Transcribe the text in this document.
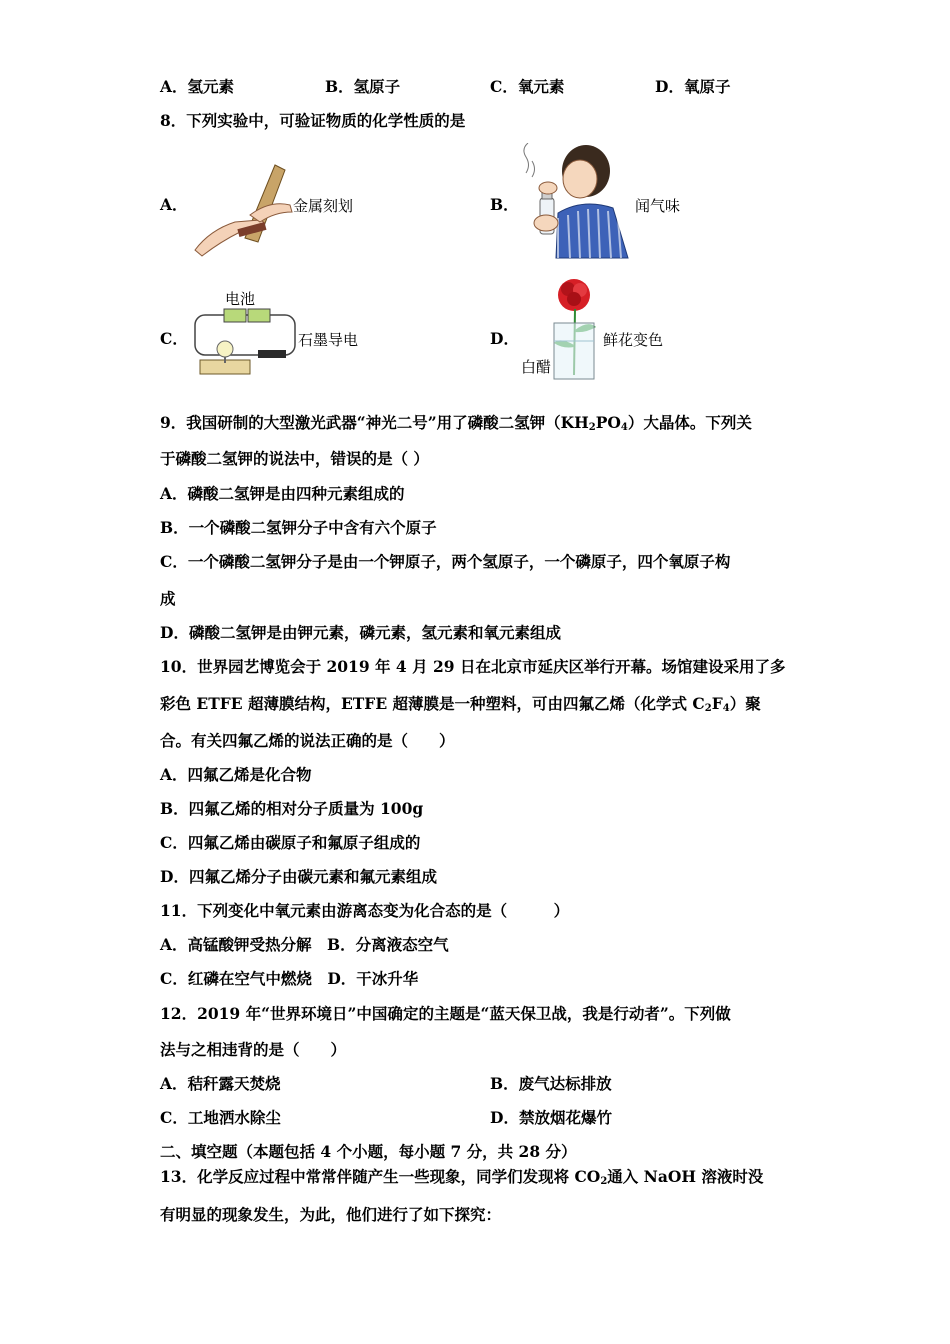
A．氢元素	B．氢原子	C．氧元素	D．氧原子
8．下列实验中，可验证物质的化学性质的是
A．	金属刻划	B．	闻气味
C．
电池
石墨导电	D．
白醋
鲜花变色
9．我国研制的大型激光武器“神光二号”用了磷酸二氢钾$(KH_2PO_4)$大晶体。下列关
于磷酸二氢钾的说法中，错误的是（ ）
A．磷酸二氢钾是由四种元素组成的
B．一个磷酸二氢钾分子中含有六个原子
C．一个磷酸二氢钾分子是由一个钾原子，两个氢原子，一个磷原子，四个氧原子构
成
D．磷酸二氢钾是由钾元素，磷元素，氢元素和氧元素组成
10．世界园艺博览会于 2019 年 4 月 29 日在北京市延庆区举行开幕。场馆建设采用了多
彩色 ETFE 超薄膜结构，ETFE 超薄膜是一种塑料，可由四氟乙烯（化学式 $C_2F_4$）聚
合。有关四氟乙烯的说法正确的是（　　）
A．四氟乙烯是化合物
B．四氟乙烯的相对分子质量为 100g
C．四氟乙烯由碳原子和氟原子组成的
D．四氟乙烯分子由碳元素和氟元素组成
11．下列变化中氧元素由游离态变为化合态的是（　　　）
A．高锰酸钾受热分解　B．分离液态空气
C．红磷在空气中燃烧　D．干冰升华
12．2019 年“世界环境日”中国确定的主题是“蓝天保卫战，我是行动者”。下列做
法与之相违背的是（　　）
A．秸秆露天焚烧	B．废气达标排放
C．工地洒水除尘	D．禁放烟花爆竹
二、填空题（本题包括 4 个小题，每小题 7 分，共 28 分）
13．化学反应过程中常常伴随产生一些现象，同学们发现将 $CO_2$通入 NaOH 溶液时没
有明显的现象发生，为此，他们进行了如下探究：
